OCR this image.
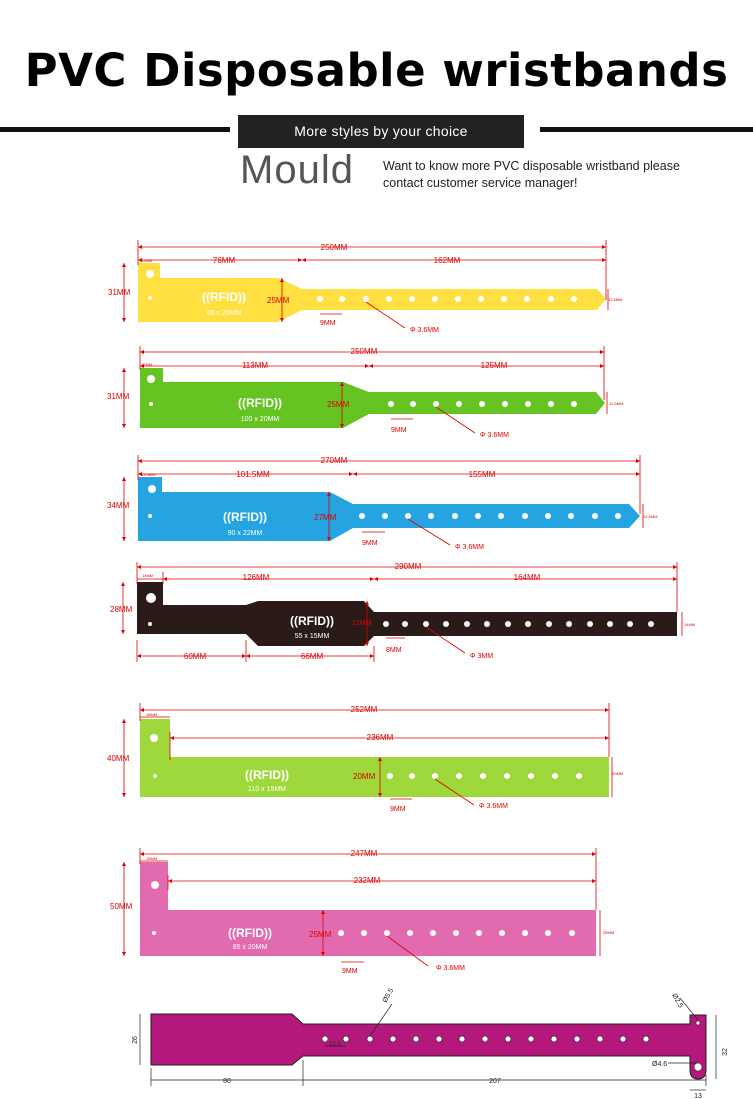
PVC Disposable wristbands
More styles by your choice
Mould Want to know more PVC disposable wristband please
contact customer service manager!
((RFID))
65 x 20MM
250MM
76MM	162MM
31MM
12MM
25MM
9MM
Φ 3.6MM
12.5MM
((RFID))
100 x 20MM
250MM
113MM	125MM
31MM
12MM
25MM
9MM
Φ 3.6MM
12.5MM
((RFID))
90 x 22MM
270MM
101.5MM	155MM
34MM
13.5MM
27MM
9MM
Φ 3.6MM
13.5MM
((RFID))
55 x 15MM
290MM
126MM	164MM
28MM
14MM
21MM
60MM	66MM
8MM
Φ 3MM
14MM
((RFID))
110 x 15MM
252MM
236MM
40MM
16MM
20MM
9MM	Φ 3.6MM
20MM
((RFID))
85 x 20MM
247MM
232MM
50MM
15MM
25MM
9MM	Φ 3.6MM
25MM
26
80	207
32
13
12.5
Ø4.6
Ø5.5	Ø2.5
